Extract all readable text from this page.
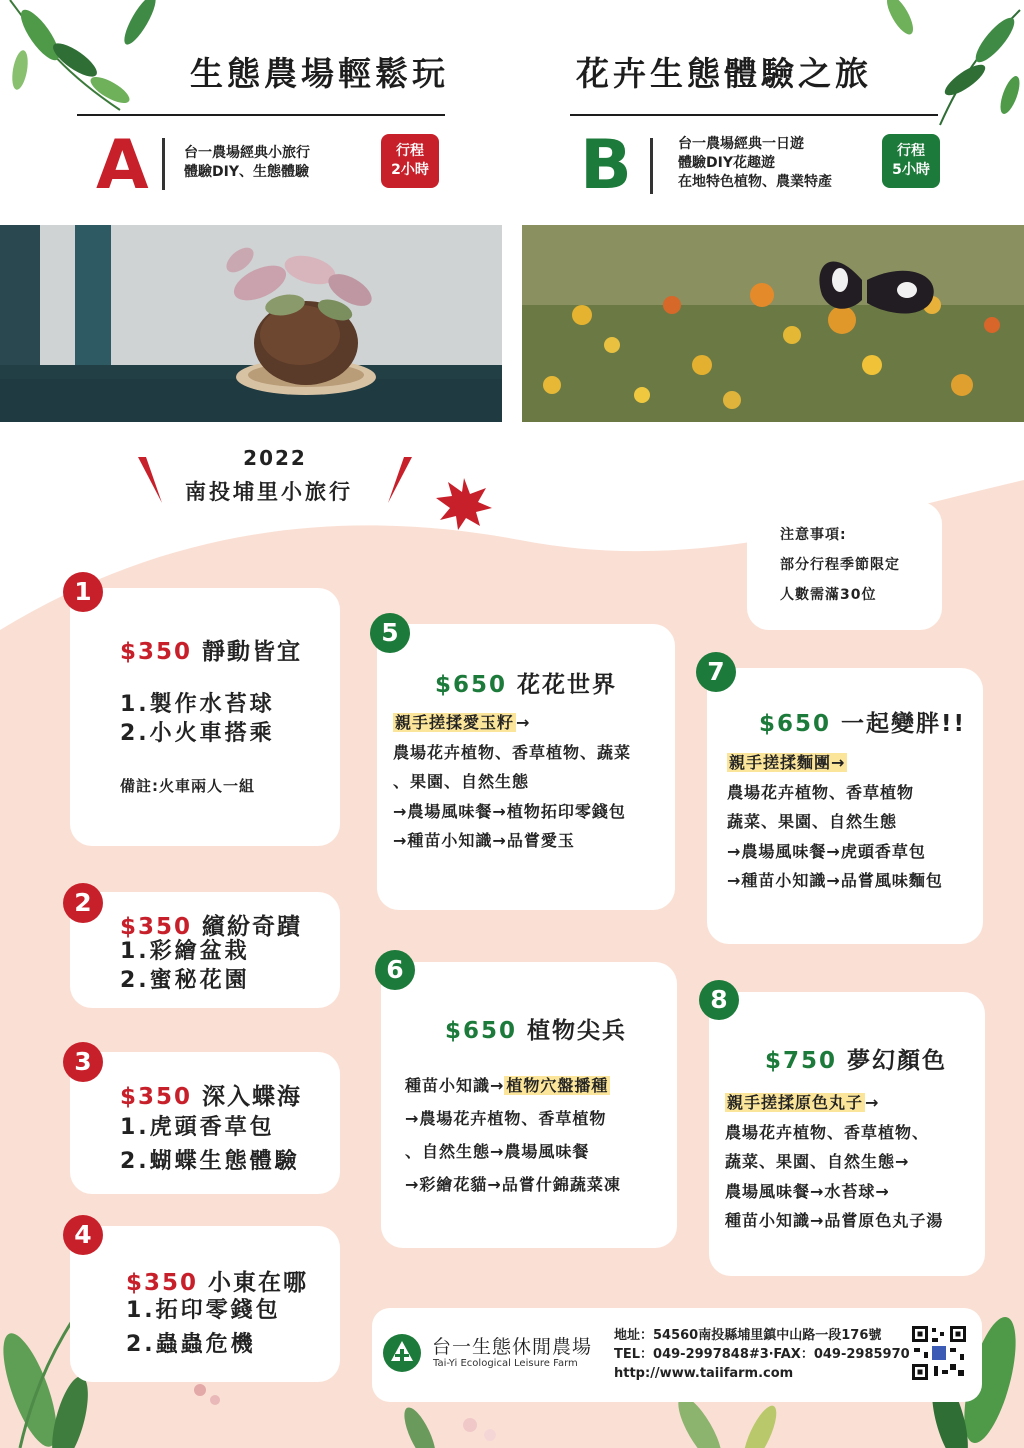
生態農場輕鬆玩	花卉生態體驗之旅
A	台一農場經典小旅行
體驗DIY、生態體驗
行程
2小時 B	台一農場經典一日遊
體驗DIY花趣遊
在地特色植物、農業特產
行程
5小時
2022
南投埔里小旅行
注意事項:
部分行程季節限定
人數需滿30位
$350 靜動皆宜
1.製作水苔球
2.小火車搭乘
備註:火車兩人一組
1
$350 繽紛奇蹟
1.彩繪盆栽
2.蜜秘花園
2
$350 深入蝶海
1.虎頭香草包
2.蝴蝶生態體驗
3
$350 小東在哪
1.拓印零錢包
2.蟲蟲危機
4
$650 花花世界
親手搓揉愛玉籽 →
農場花卉植物、香草植物、蔬菜
、果園、自然生態
→農場風味餐→植物拓印零錢包
→種苗小知識→品嘗愛玉
5
$650 植物尖兵
種苗小知識→ 植物穴盤播種
→農場花卉植物、香草植物
、自然生態→農場風味餐
→彩繪花貓→品嘗什錦蔬菜凍
6
$650 一起變胖!!
親手搓揉麵團→
農場花卉植物、香草植物
蔬菜、果園、自然生態
→農場風味餐→虎頭香草包
→種苗小知識→品嘗風味麵包
7
$750 夢幻顏色
親手搓揉原色丸子 →
農場花卉植物、香草植物、
蔬菜、果園、自然生態→
農場風味餐→水苔球→
種苗小知識→品嘗原色丸子湯
8
台一生態休閒農場
Tai-Yi Ecological Leisure Farm
地址：54560南投縣埔里鎮中山路一段176號
TEL：049-2997848#3‧FAX：049-2985970
http://www.taiifarm.com
